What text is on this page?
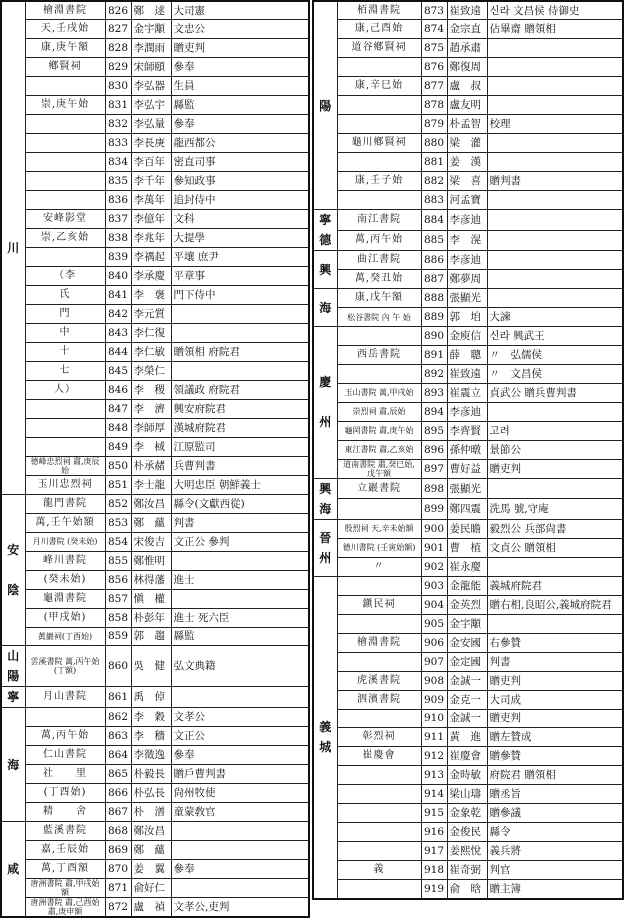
川	檜淵書院	826	鄭　逑	大司憲
	天,壬戌始	827	金宇顒	文忠公
	康,庚午額	828	李潤雨	贈吏判
	鄕賢祠	829	宋師頤	參奉
		830	李弘器	生員
	崇,庚午始	831	李弘宇	縣監
		832	李弘量	參奉
		833	李長庚	龍西都公
		834	李百年	密直司事
		835	李千年	參知政事
		836	李萬年	追封侍中
	安峰影堂	837	李億年	文科
	崇,乙亥始	838	李兆年	大提學
		839	李禑起	平壤 庶尹
	（李	840	李承慶	平章事
	氏	841	李　褒	門下侍中
	門	842	李元質	
	中	843	李仁復	
	十	844	李仁敏	贈領相 府院君
	七	845	李榮仁	
	人）	846	李　稷	領議政 府院君
		847	李　濟	興安府院君
		848	李師厚	漢城府院君
		849	李　棫	江原監司
	德峰忠烈祠 肅,庚辰始	850	朴承赭	兵曹判書
	玉川忠烈祠	851	李士龍	大明忠臣 朝鮮義士
安

陰	龍門書院	852	鄭汝昌	縣令(文獻西從)
	萬,壬午始額	853	鄭　蘊	判書
	月川書院 (癸未始)	854	宋俊吉	文正公 參判
	峰川書院	855	鄭惟明	
	(癸未始)	856	林得藩	進士
	龜淵書院	857	愼　權	
	(甲戌始)	858	朴彭年	進士 死六臣
	黃巖祠(丁酉始)	859	郭　趨	縣監
山陽	雲溪書院 萬,丙午始(丁額)	860	吳　健	弘文典籍
寧	月山書院	861	禹　倬	
海		862	李　穀	文孝公
	萬,丙午始	863	李　穡	文正公
	仁山書院	864	李徵逸	參奉
	社　　里	865	朴毅長	贈戶曹判書
	(丁酉始)	866	朴弘長	尙州牧使
	精　　舍	867	朴　潽	童蒙敎官
咸	藍溪書院	868	鄭汝昌	
	嘉,壬辰始	869	鄭　蘊	
	萬,丁酉額	870	姜　翼	參奉
	唐洲書院 肅,甲戌始額	871	俞好仁	
	唐洲書院 肅,己酉始 肅,庚申額	872	盧　禎	文孝公,吏判
陽	栢淵書院	873	崔致遠	신라 文昌侯 侍御史
	康,己酉始	874	金宗直	佔畢齋 贈領相
	道谷鄕賢祠	875	趙承肅	
		876	鄭復周	
	康,辛巳始	877	盧　叔	
		878	盧友明	
		879	朴孟智	校理
	龜川鄕賢祠	880	梁　灌	
		881	姜　漢	
	康,壬子始	882	梁　喜	贈判書
		883	河孟寶	
寧德	南江書院	884	李彦迪	
	萬,丙午始	885	李　滉	
興	曲江書院	886	李彦迪	
	萬,癸丑始	887	鄭夢周	
海	康,戊午額	888	張顯光	
	松谷書院 內 午 始	889	郭　垍	大諫
慶

州		890	金庾信	신라 興武王
	西岳書院	891	薛　聰	〃　弘儒侯
		892	崔致遠	〃　文昌侯
	玉山書院 萬,甲戌始	893	崔震立	貞武公 贈兵曹判書
	崇烈祠 肅,辰始	894	李彦迪	
	龜岡書院 肅,庚午始	895	李齊賢	고려
	東江書院 肅,乙亥始	896	孫仲暾	景節公
	道南書院 肅,癸巳始,戊午額	897	曹好益	贈吏判
興
海	立巖書院	898	張顯光	
		899	鄭四震	洗馬 號,守庵
晉
州	殷烈祠 天,辛未始額	900	姜民瞻	毅烈公 兵部尙書
	德川書院 (壬寅始額)	901	曹　植	文貞公 贈領相
	〃	902	崔永慶	
義
城		903	金龍能	義城府院君
	鎭民祠	904	金英烈	贈右相,良昭公,義城府院君
		905	金宇顒	
	檜淵書院	906	金安國	右參贊
		907	金定國	判書
	虎溪書院	908	金誠一	贈吏判
	泗濱書院	909	金克一	大司成
		910	金誠一	贈吏判
	彰烈祠	911	黃　進	贈左贊成
	崔慶會	912	崔慶會	贈參贊
		913	金時敏	府院君 贈領相
		914	梁山璹	贈丞旨
		915	金象乾	贈參議
		916	金俊民	縣令
		917	姜熙悅	義兵將
	義	918	崔奇弼	判官
		919	俞　晗	贈主簿
